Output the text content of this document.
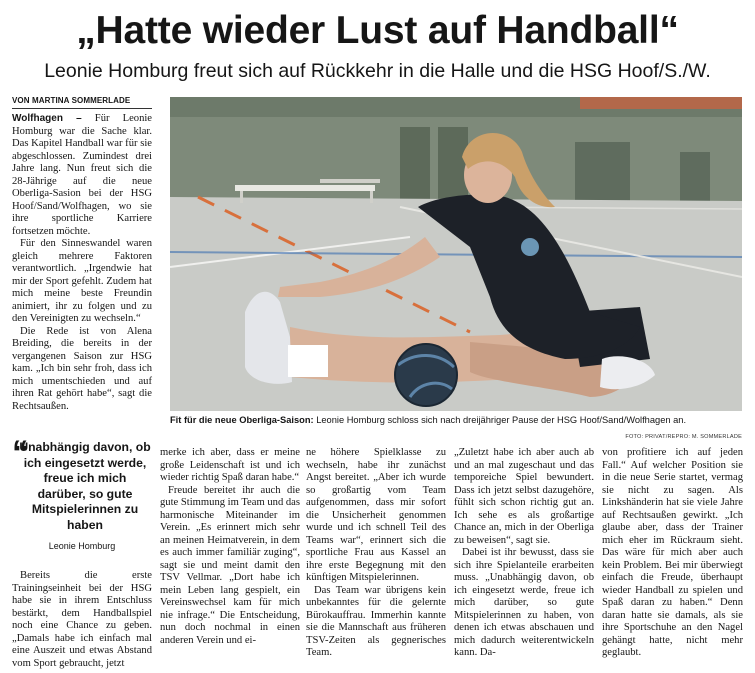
„Hatte wieder Lust auf Handball“
Leonie Homburg freut sich auf Rückkehr in die Halle und die HSG Hoof/S./W.
VON MARTINA SOMMERLADE

Wolfhagen – Für Leonie Homburg war die Sache klar. Das Kapitel Handball war für sie abgeschlossen. Zumindest drei Jahre lang. Nun freut sich die 28-Jährige auf die neue Oberliga-Sasion bei der HSG Hoof/Sand/Wolfhagen, wo sie ihre sportliche Karriere fortsetzen möchte.

Für den Sinneswandel waren gleich mehrere Faktoren verantwortlich. „Irgendwie hat mir der Sport gefehlt. Zudem hat mich meine beste Freundin animiert, ihr zu folgen und zu den Vereinigten zu wechseln.“

Die Rede ist von Alena Breiding, die bereits in der vergangenen Saison zur HSG kam. „Ich bin sehr froh, dass ich mich umentschieden und auf ihren Rat gehört habe“, sagt die Rechtsaußen.

Fit für die neue Oberliga-Saison: Leonie Homburg schloss sich nach dreijähriger Pause der HSG Hoof/Sand/Wolfhagen an.
FOTO: PRIVAT/REPRO: M. SOMMERLADE
“
Unabhängig davon, ob ich eingesetzt werde, freue ich mich darüber, so gute Mitspielerinnen zu haben
Leonie Homburg

Bereits die erste Trainingseinheit bei der HSG habe sie in ihrem Entschluss bestärkt, dem Handballspiel noch eine Chance zu geben. „Damals habe ich einfach mal eine Auszeit und etwas Abstand vom Sport gebraucht, jetzt

merke ich aber, dass er meine große Leidenschaft ist und ich wieder richtig Spaß daran habe.“

Freude bereitet ihr auch die gute Stimmung im Team und das harmonische Miteinander im Verein. „Es erinnert mich sehr an meinen Heimatverein, in dem es auch immer familiär zuging“, sagt sie und meint damit den TSV Vellmar. „Dort habe ich mein Leben lang gespielt, ein Vereinswechsel kam für mich nie infrage.“ Die Entscheidung, nun doch nochmal in einen anderen Verein und ei-

ne höhere Spielklasse zu wechseln, habe ihr zunächst Angst bereitet. „Aber ich wurde so großartig vom Team aufgenommen, dass mir sofort die Unsicherheit genommen wurde und ich schnell Teil des Teams war“, erinnert sich die sportliche Frau aus Kassel an ihre erste Begegnung mit den künftigen Mitspielerinnen.

Das Team war übrigens kein unbekanntes für die gelernte Bürokauffrau. Immerhin kannte sie die Mannschaft aus früheren TSV-Zeiten als gegnerisches Team.

„Zuletzt habe ich aber auch ab und an mal zugeschaut und das temporeiche Spiel bewundert. Dass ich jetzt selbst dazugehöre, fühlt sich schon richtig gut an. Ich sehe es als großartige Chance an, mich in der Oberliga zu beweisen“, sagt sie.

Dabei ist ihr bewusst, dass sie sich ihre Spielanteile erarbeiten muss. „Unabhängig davon, ob ich eingesetzt werde, freue ich mich darüber, so gute Mitspielerinnen zu haben, von denen ich etwas abschauen und mich dadurch weiterentwickeln kann. Da-

von profitiere ich auf jeden Fall.“ Auf welcher Position sie in die neue Serie startet, vermag sie nicht zu sagen. Als Linkshänderin hat sie viele Jahre auf Rechtsaußen gewirkt. „Ich glaube aber, dass der Trainer mich eher im Rückraum sieht. Das wäre für mich aber auch kein Problem. Bei mir überwiegt einfach die Freude, überhaupt wieder Handball zu spielen und Spaß daran zu haben.“ Denn daran hatte sie damals, als sie ihre Sportschuhe an den Nagel gehängt hatte, nicht mehr geglaubt.
